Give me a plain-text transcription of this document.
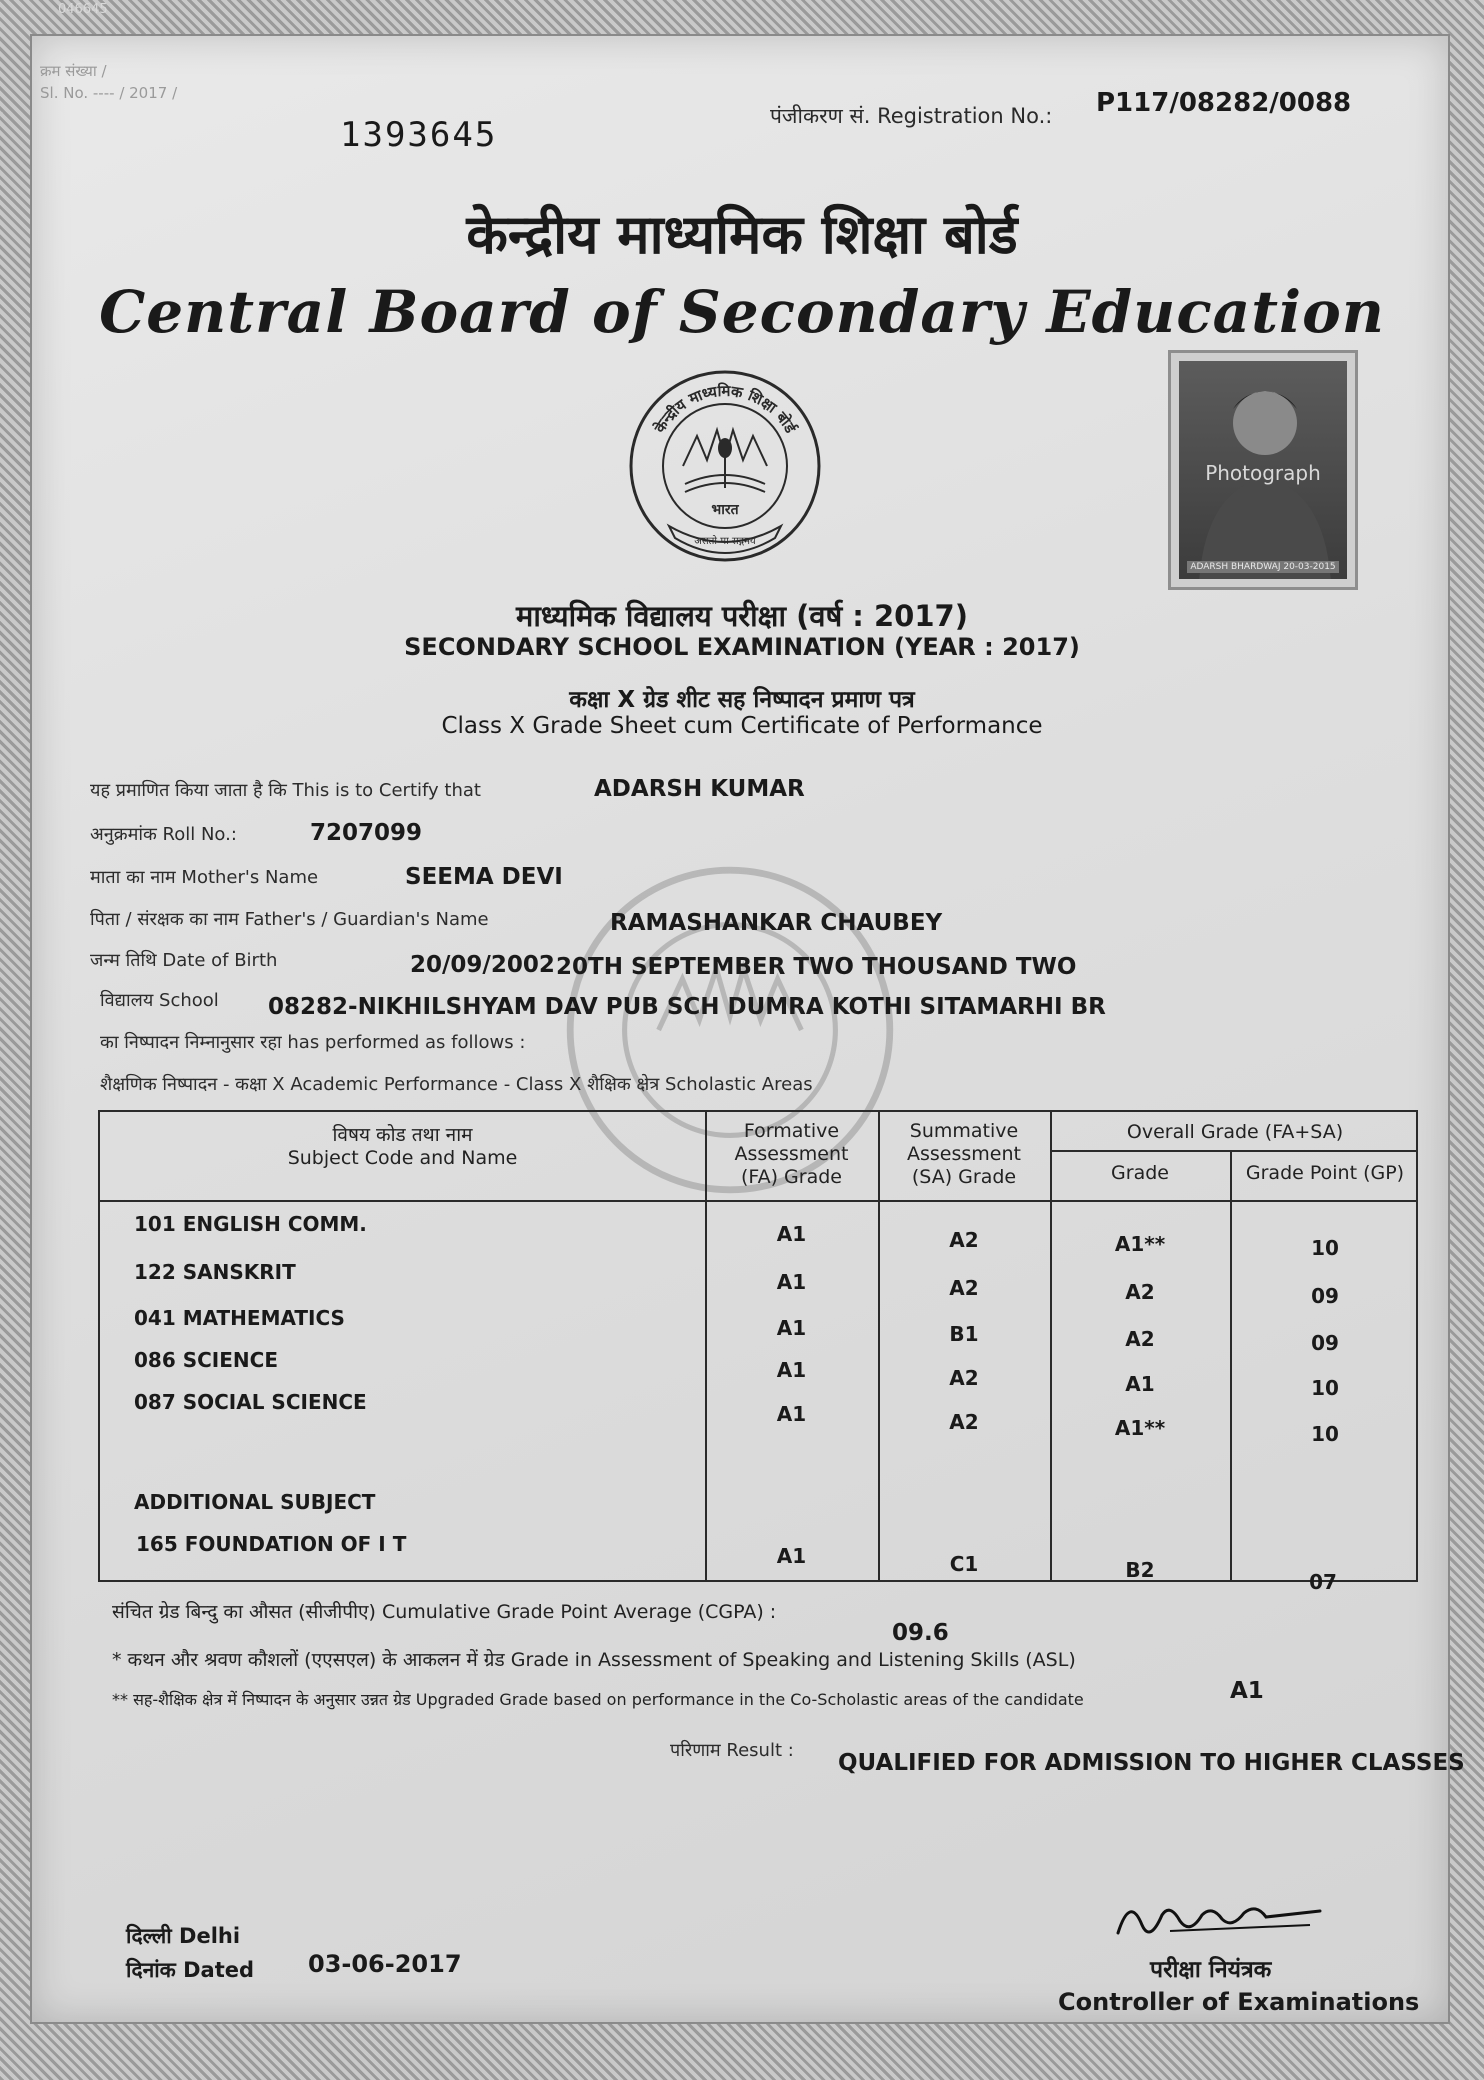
046645
क्रम संख्या /
Sl. No. ---- / 2017 /
1393645	पंजीकरण सं. Registration No.: P117/08282/0088
केन्द्रीय माध्यमिक शिक्षा बोर्ड
Central Board of Secondary Education
केन्द्रीय माध्यमिक शिक्षा बोर्ड
भारत
असतो मा सद्गमय
Photograph
ADARSH BHARDWAJ 20-03-2015
माध्यमिक विद्यालय परीक्षा (वर्ष : 2017)
SECONDARY SCHOOL EXAMINATION (YEAR : 2017)
कक्षा X ग्रेड शीट सह निष्पादन प्रमाण पत्र
Class X Grade Sheet cum Certificate of Performance
यह प्रमाणित किया जाता है कि This is to Certify that	ADARSH KUMAR
अनुक्रमांक Roll No.:	7207099
माता का नाम Mother's Name	SEEMA DEVI
पिता / संरक्षक का नाम Father's / Guardian's Name	RAMASHANKAR CHAUBEY
जन्म तिथि Date of Birth	20/09/2002 20TH SEPTEMBER TWO THOUSAND TWO
विद्यालय School 08282-NIKHILSHYAM DAV PUB SCH DUMRA KOTHI SITAMARHI BR
का निष्पादन निम्नानुसार रहा has performed as follows :
शैक्षणिक निष्पादन - कक्षा X Academic Performance - Class X शैक्षिक क्षेत्र Scholastic Areas
विषय कोड तथा नाम
Subject Code and Name
Formative
Assessment
(FA) Grade
Summative
Assessment
(SA) Grade
Overall Grade (FA+SA)
Grade	Grade Point (GP)
101 ENGLISH COMM.	A1	A2	A1**	10
122 SANSKRIT	A1	A2	A2	09
041 MATHEMATICS	A1	B1	A2	09
086 SCIENCE	A1	A2	A1	10
087 SOCIAL SCIENCE	A1	A2	A1**	10
ADDITIONAL SUBJECT
165 FOUNDATION OF I T	A1	C1	B2	07
संचित ग्रेड बिन्दु का औसत (सीजीपीए) Cumulative Grade Point Average (CGPA) :
09.6
* कथन और श्रवण कौशलों (एएसएल) के आकलन में ग्रेड Grade in Assessment of Speaking and Listening Skills (ASL)
A1
** सह-शैक्षिक क्षेत्र में निष्पादन के अनुसार उन्नत ग्रेड Upgraded Grade based on performance in the Co-Scholastic areas of the candidate
परिणाम Result : QUALIFIED FOR ADMISSION TO HIGHER CLASSES
दिल्ली Delhi
दिनांक Dated 03-06-2017	परीक्षा नियंत्रक
Controller of Examinations
